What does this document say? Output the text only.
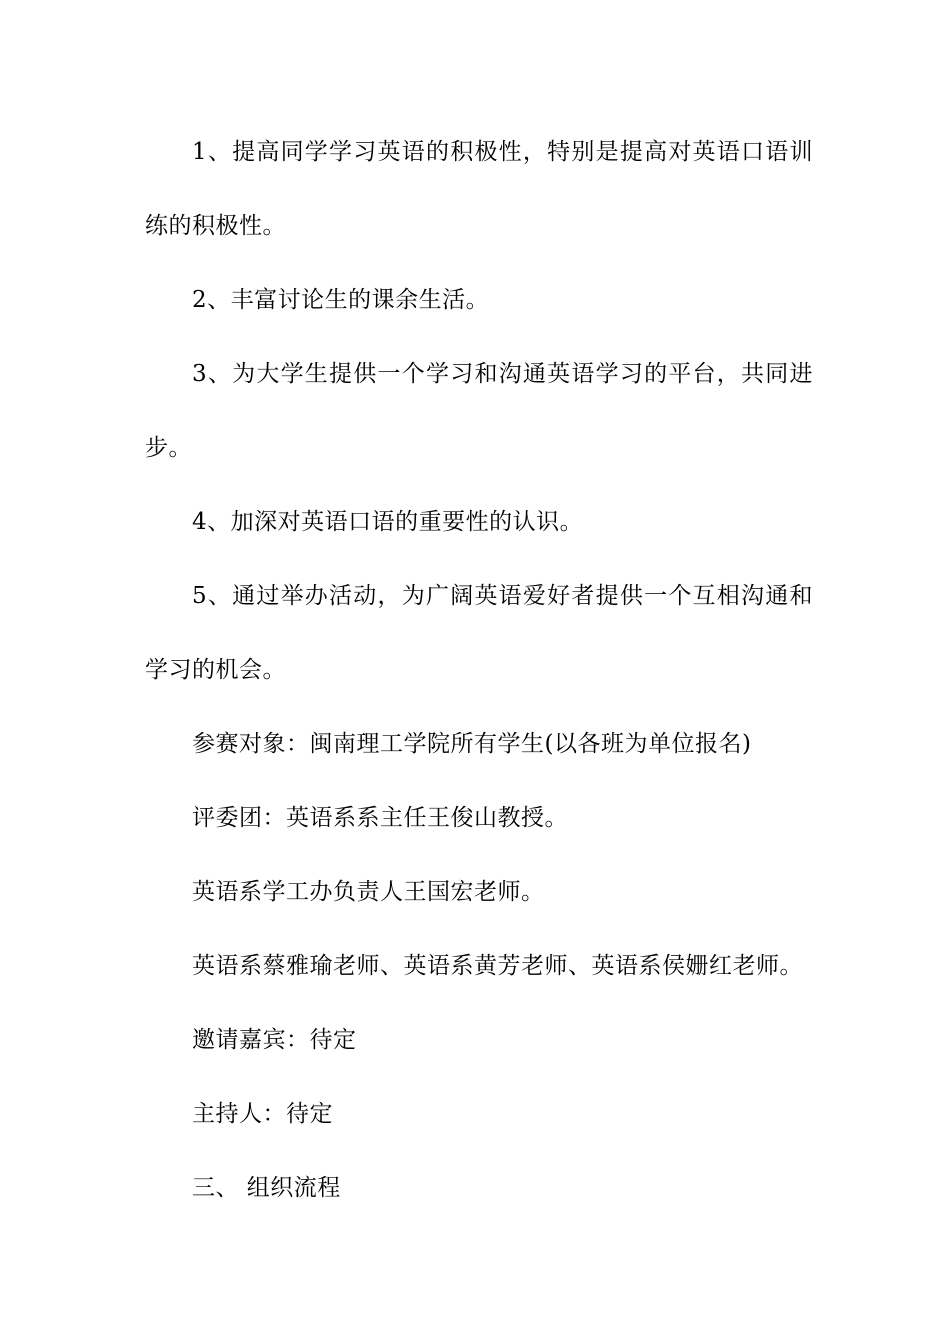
1、提高同学学习英语的积极性，特别是提高对英语口语训练的积极性。

2、丰富讨论生的课余生活。

3、为大学生提供一个学习和沟通英语学习的平台，共同进步。

4、加深对英语口语的重要性的认识。

5、通过举办活动，为广阔英语爱好者提供一个互相沟通和学习的机会。

参赛对象：闽南理工学院所有学生(以各班为单位报名)

评委团：英语系系主任王俊山教授。

英语系学工办负责人王国宏老师。

英语系蔡雅瑜老师、英语系黄芳老师、英语系侯姗红老师。

邀请嘉宾：待定

主持人：待定

三、 组织流程
